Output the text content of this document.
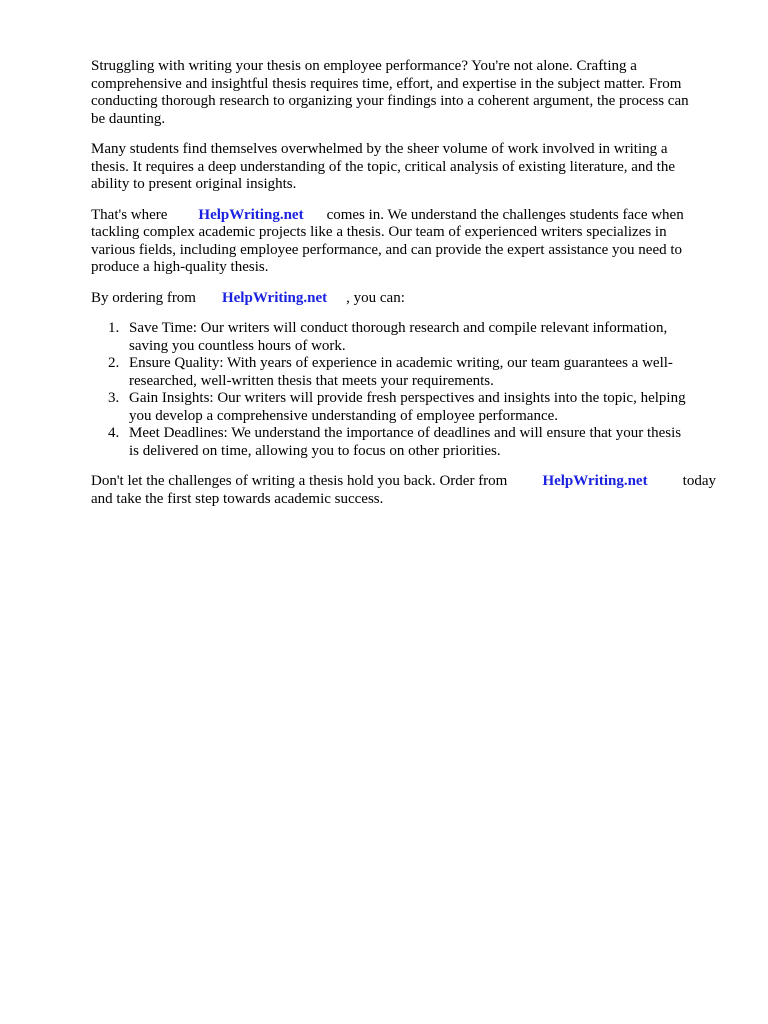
Struggling with writing your thesis on employee performance? You're not alone. Crafting a
comprehensive and insightful thesis requires time, effort, and expertise in the subject matter. From
conducting thorough research to organizing your findings into a coherent argument, the process can
be daunting.
Many students find themselves overwhelmed by the sheer volume of work involved in writing a
thesis. It requires a deep understanding of the topic, critical analysis of existing literature, and the
ability to present original insights.
That's where HelpWriting.net comes in. We understand the challenges students face when
tackling complex academic projects like a thesis. Our team of experienced writers specializes in
various fields, including employee performance, and can provide the expert assistance you need to
produce a high-quality thesis.
By ordering from HelpWriting.net , you can:
1. Save Time: Our writers will conduct thorough research and compile relevant information,
saving you countless hours of work.
2. Ensure Quality: With years of experience in academic writing, our team guarantees a well-
researched, well-written thesis that meets your requirements.
3. Gain Insights: Our writers will provide fresh perspectives and insights into the topic, helping
you develop a comprehensive understanding of employee performance.
4. Meet Deadlines: We understand the importance of deadlines and will ensure that your thesis
is delivered on time, allowing you to focus on other priorities.
Don't let the challenges of writing a thesis hold you back. Order from HelpWriting.net today
and take the first step towards academic success.
